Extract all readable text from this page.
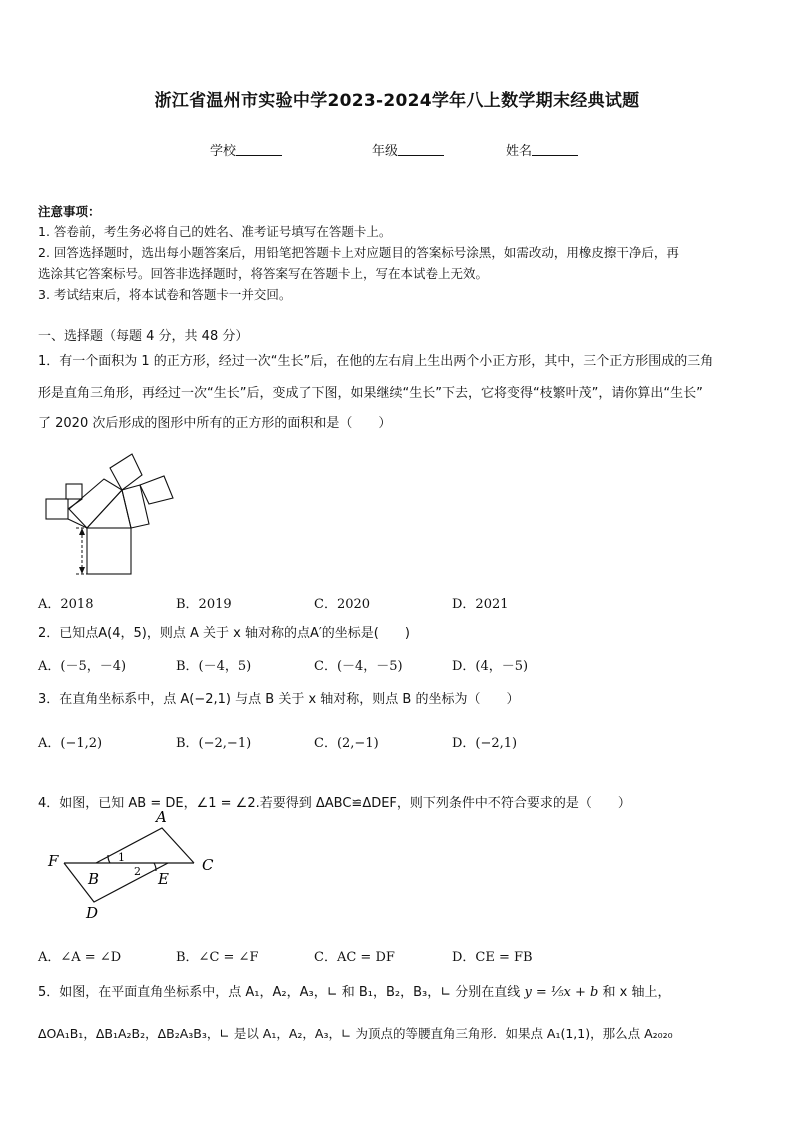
浙江省温州市实验中学2023-2024学年八上数学期末经典试题
学校	年级	姓名
注意事项：
1. 答卷前，考生务必将自己的姓名、准考证号填写在答题卡上。
2. 回答选择题时，选出每小题答案后，用铅笔把答题卡上对应题目的答案标号涂黑，如需改动，用橡皮擦干净后，再
选涂其它答案标号。回答非选择题时，将答案写在答题卡上，写在本试卷上无效。
3. 考试结束后，将本试卷和答题卡一并交回。
一、选择题（每题 4 分，共 48 分）
1．有一个面积为 1 的正方形，经过一次“生长”后，在他的左右肩上生出两个小正方形，其中，三个正方形围成的三角
形是直角三角形，再经过一次“生长”后，变成了下图，如果继续“生长”下去，它将变得“枝繁叶茂”，请你算出“生长”
了 2020 次后形成的图形中所有的正方形的面积和是（　　）
A．2018	B．2019	C．2020	D．2021
2．已知点A(4，5)，则点 A 关于 x 轴对称的点A′的坐标是(　　)
A．(－5，－4)	B．(－4，5)	C．(－4，－5)	D．(4，－5)
3．在直角坐标系中，点 A(−2,1) 与点 B 关于 x 轴对称，则点 B 的坐标为（　　）
A．(−1,2)	B．(−2,−1)	C．(2,−1)	D．(−2,1)
4．如图，已知 AB = DE，∠1 = ∠2.若要得到 ΔABC≌ΔDEF，则下列条件中不符合要求的是（　　）
A
F	C
B	E
D
1
2
A．∠A = ∠D	B．∠C = ∠F	C．AC = DF	D．CE = FB
5．如图，在平面直角坐标系中，点 A₁，A₂，A₃，∟ 和 B₁，B₂，B₃，∟ 分别在直线 y = ⅕x + b 和 x 轴上，
ΔOA₁B₁，ΔB₁A₂B₂，ΔB₂A₃B₃，∟ 是以 A₁，A₂，A₃，∟ 为顶点的等腰直角三角形．如果点 A₁(1,1)，那么点 A₂₀₂₀
